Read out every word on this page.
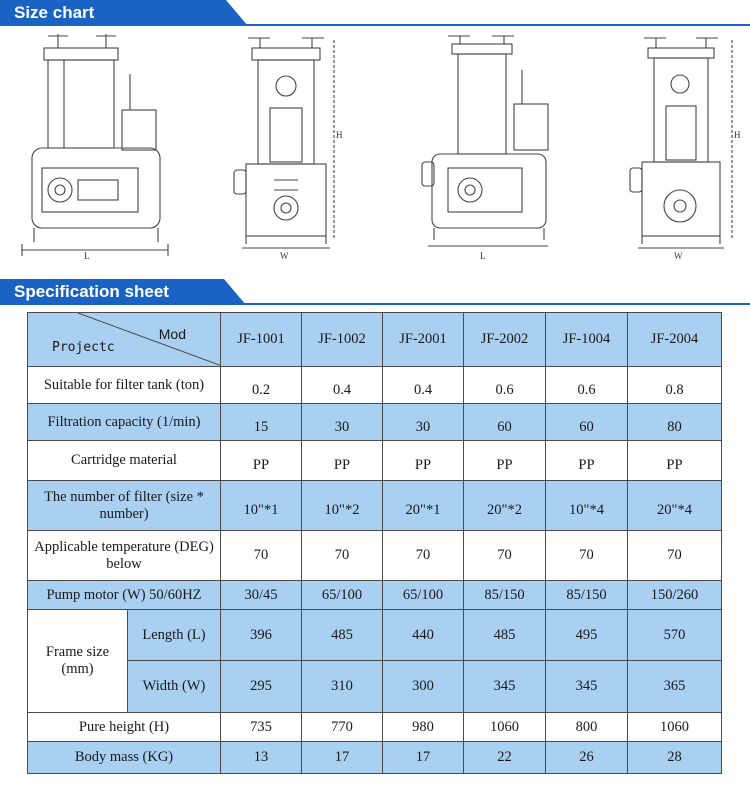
Size chart
L	W
H
L	W
H
Specification sheet
Mod
Projectc		JF-1001	JF-1002	JF-2001	JF-2002	JF-1004	JF-2004
Suitable for filter tank (ton)		0.2	0.4	0.4	0.6	0.6	0.8
Filtration capacity (1/min)		15	30	30	60	60	80
Cartridge material		PP	PP	PP	PP	PP	PP
The number of filter (size * number)		10"*1	10"*2	20"*1	20"*2	10"*4	20"*4
Applicable temperature (DEG) below		70	70	70	70	70	70
Pump motor (W) 50/60HZ		30/45	65/100	65/100	85/150	85/150	150/260
Frame size (mm)	Length (L)	396	485	440	485	495	570
	Width (W)	295	310	300	345	345	365
Pure height (H)		735	770	980	1060	800	1060
Body mass (KG)		13	17	17	22	26	28
